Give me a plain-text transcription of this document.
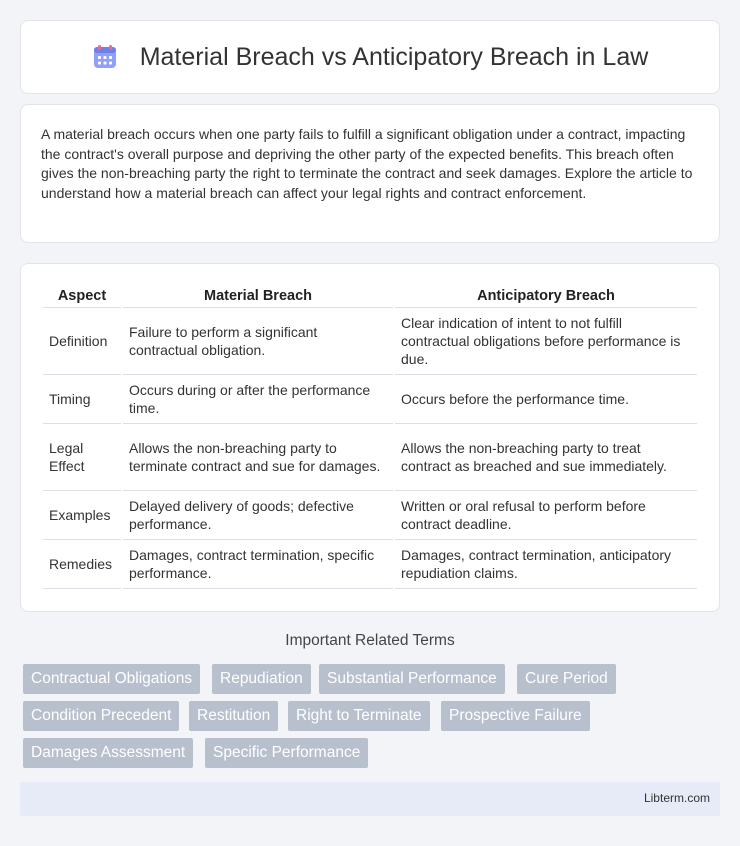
Material Breach vs Anticipatory Breach in Law

A material breach occurs when one party fails to fulfill a significant obligation under a contract, impacting the contract's overall purpose and depriving the other party of the expected benefits. This breach often gives the non-breaching party the right to terminate the contract and seek damages. Explore the article to understand how a material breach can affect your legal rights and contract enforcement.

Aspect	Material Breach	Anticipatory Breach
Definition	Failure to perform a significant contractual obligation.	Clear indication of intent to not fulfill contractual obligations before performance is due.
Timing	Occurs during or after the performance time.	Occurs before the performance time.
Legal Effect	Allows the non-breaching party to terminate contract and sue for damages.	Allows the non-breaching party to treat contract as breached and sue immediately.
Examples	Delayed delivery of goods; defective performance.	Written or oral refusal to perform before contract deadline.
Remedies	Damages, contract termination, specific performance.	Damages, contract termination, anticipatory repudiation claims.
Important Related Terms
Contractual Obligations	Repudiation	Substantial Performance	Cure Period
Condition Precedent	Restitution	Right to Terminate	Prospective Failure
Damages Assessment	Specific Performance
Libterm.com
